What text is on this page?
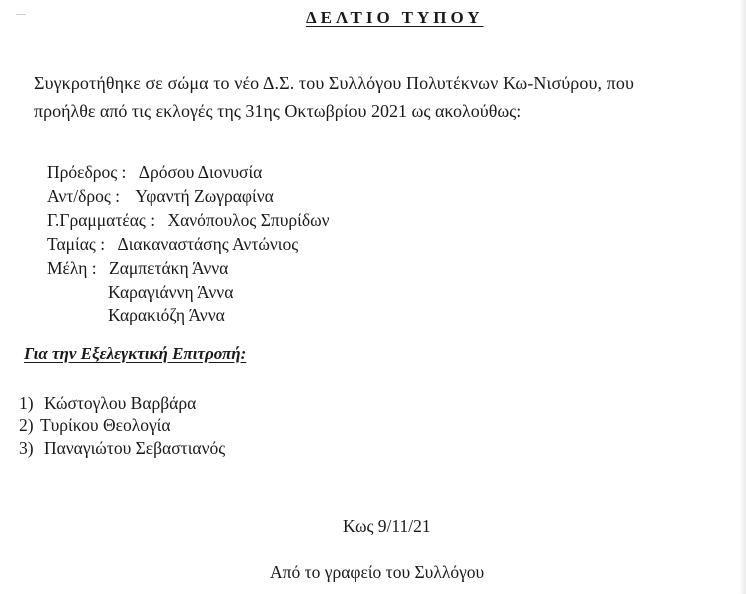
ΔΕΛΤΙΟ ΤΥΠΟΥ
Συγκροτήθηκε σε σώμα το νέο Δ.Σ. του Συλλόγου Πολυτέκνων Κω-Νισύρου, που
προήλθε από τις εκλογές της 31ης Οκτωβρίου 2021 ως ακολούθως:
Πρόεδρος : Δρόσου Διονυσία
Αντ/δρος : Υφαντή Ζωγραφίνα
Γ.Γραμματέας : Χανόπουλος Σπυρίδων
Ταμίας : Διακαναστάσης Αντώνιος
Μέλη : Ζαμπετάκη Άννα
Καραγιάννη Άννα
Καρακιόζη Άννα
Για την Εξελεγκτική Επιτροπή:
1) Κώστογλου Βαρβάρα
2) Τυρίκου Θεολογία
3) Παναγιώτου Σεβαστιανός
Κως 9/11/21
Από το γραφείο του Συλλόγου
